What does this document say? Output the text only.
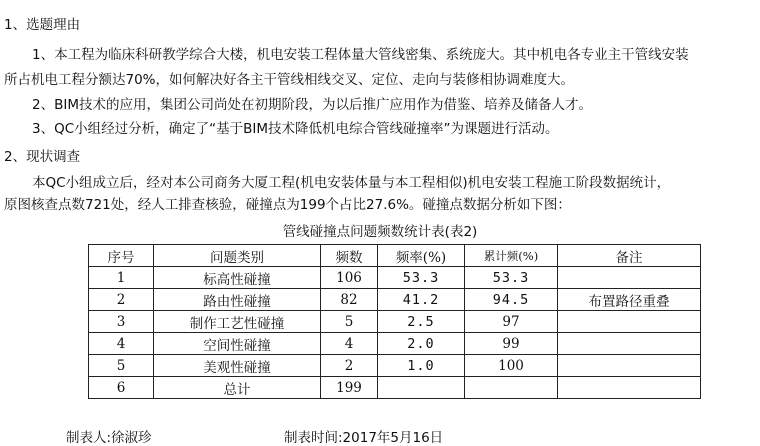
1、选题理由
1、本工程为临床科研教学综合大楼，机电安装工程体量大管线密集、系统庞大。其中机电各专业主干管线安装
所占机电工程分额达70%，如何解决好各主干管线相线交叉、定位、走向与装修相协调难度大。
2、BIM技术的应用，集团公司尚处在初期阶段，为以后推广应用作为借鉴、培养及储备人才。
3、QC小组经过分析，确定了“基于BIM技术降低机电综合管线碰撞率”为课题进行活动。
2、现状调查
本QC小组成立后，经对本公司商务大厦工程(机电安装体量与本工程相似)机电安装工程施工阶段数据统计，
原图核查点数721处，经人工排查核验，碰撞点为199个占比27.6%。碰撞点数据分析如下图：
管线碰撞点问题频数统计表(表2)
序号	问题类别	频数	频率(%)	累计频(%)	备注
1	标高性碰撞	106	53.3	53.3	
2	路由性碰撞	82	41.2	94.5	布置路径重叠
3	制作工艺性碰撞	5	2.5	97	
4	空间性碰撞	4	2.0	99	
5	美观性碰撞	2	1.0	100	
6	总计	199			
制表人:徐淑珍	制表时间:2017年5月16日
